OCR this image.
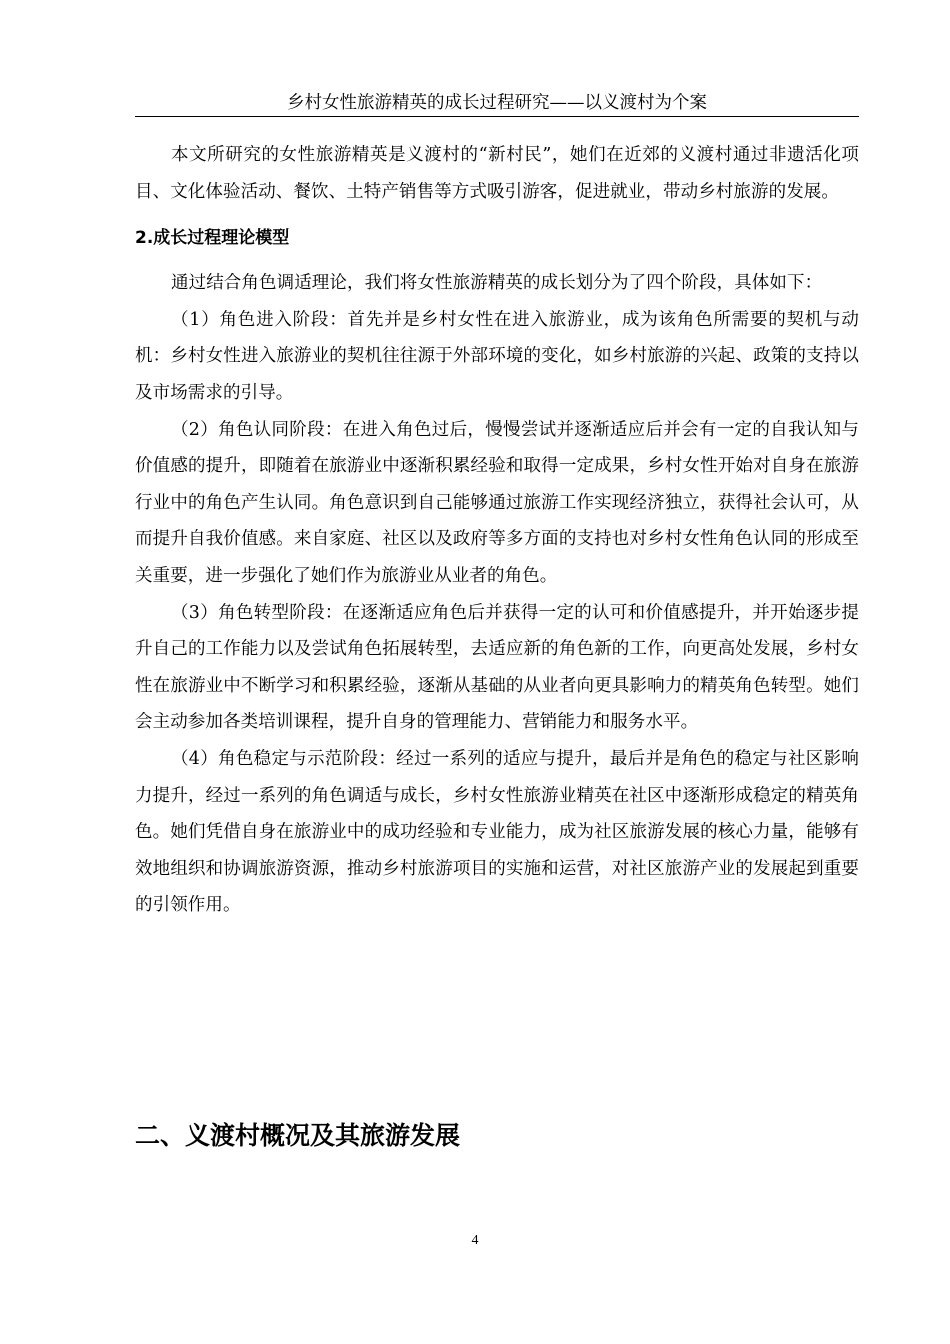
乡村女性旅游精英的成长过程研究——以义渡村为个案

本文所研究的女性旅游精英是义渡村的“新村民”，她们在近郊的义渡村通过非遗活化项目、文化体验活动、餐饮、土特产销售等方式吸引游客，促进就业，带动乡村旅游的发展。

2.成长过程理论模型

通过结合角色调适理论，我们将女性旅游精英的成长划分为了四个阶段，具体如下：

（1）角色进入阶段：首先并是乡村女性在进入旅游业，成为该角色所需要的契机与动机：乡村女性进入旅游业的契机往往源于外部环境的变化，如乡村旅游的兴起、政策的支持以及市场需求的引导。

（2）角色认同阶段：在进入角色过后，慢慢尝试并逐渐适应后并会有一定的自我认知与价值感的提升，即随着在旅游业中逐渐积累经验和取得一定成果，乡村女性开始对自身在旅游行业中的角色产生认同。角色意识到自己能够通过旅游工作实现经济独立，获得社会认可，从而提升自我价值感。来自家庭、社区以及政府等多方面的支持也对乡村女性角色认同的形成至关重要，进一步强化了她们作为旅游业从业者的角色。

（3）角色转型阶段：在逐渐适应角色后并获得一定的认可和价值感提升，并开始逐步提升自己的工作能力以及尝试角色拓展转型，去适应新的角色新的工作，向更高处发展，乡村女性在旅游业中不断学习和积累经验，逐渐从基础的从业者向更具影响力的精英角色转型。她们会主动参加各类培训课程，提升自身的管理能力、营销能力和服务水平。

（4）角色稳定与示范阶段：经过一系列的适应与提升，最后并是角色的稳定与社区影响力提升，经过一系列的角色调适与成长，乡村女性旅游业精英在社区中逐渐形成稳定的精英角色。她们凭借自身在旅游业中的成功经验和专业能力，成为社区旅游发展的核心力量，能够有效地组织和协调旅游资源，推动乡村旅游项目的实施和运营，对社区旅游产业的发展起到重要的引领作用。

二、义渡村概况及其旅游发展
4
